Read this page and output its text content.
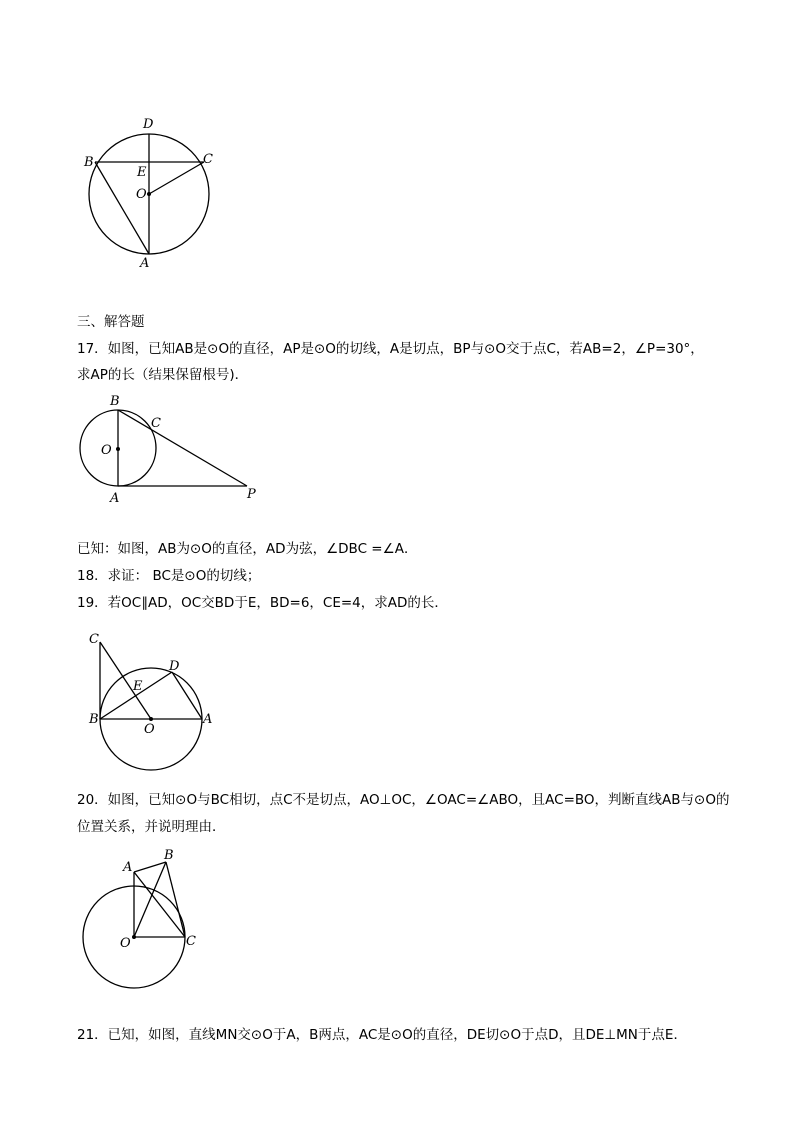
D
B	C
E
O
A
三、解答题
17．如图，已知AB是⊙O的直径，AP是⊙O的切线，A是切点，BP与⊙O交于点C，若AB=2，∠P=30°，
求AP的长（结果保留根号)．
B
C
O
A	P
已知：如图，AB为⊙O的直径，AD为弦，∠DBC =∠A．
18．求证： BC是⊙O的切线；
19．若OC∥AD，OC交BD于E，BD=6，CE=4，求AD的长．
C
D
E
B
O
A
20．如图，已知⊙O与BC相切，点C不是切点，AO⊥OC，∠OAC=∠ABO，且AC=BO，判断直线AB与⊙O的
位置关系，并说明理由．
A
B
O	C
21．已知，如图，直线MN交⊙O于A，B两点，AC是⊙O的直径，DE切⊙O于点D，且DE⊥MN于点E．
